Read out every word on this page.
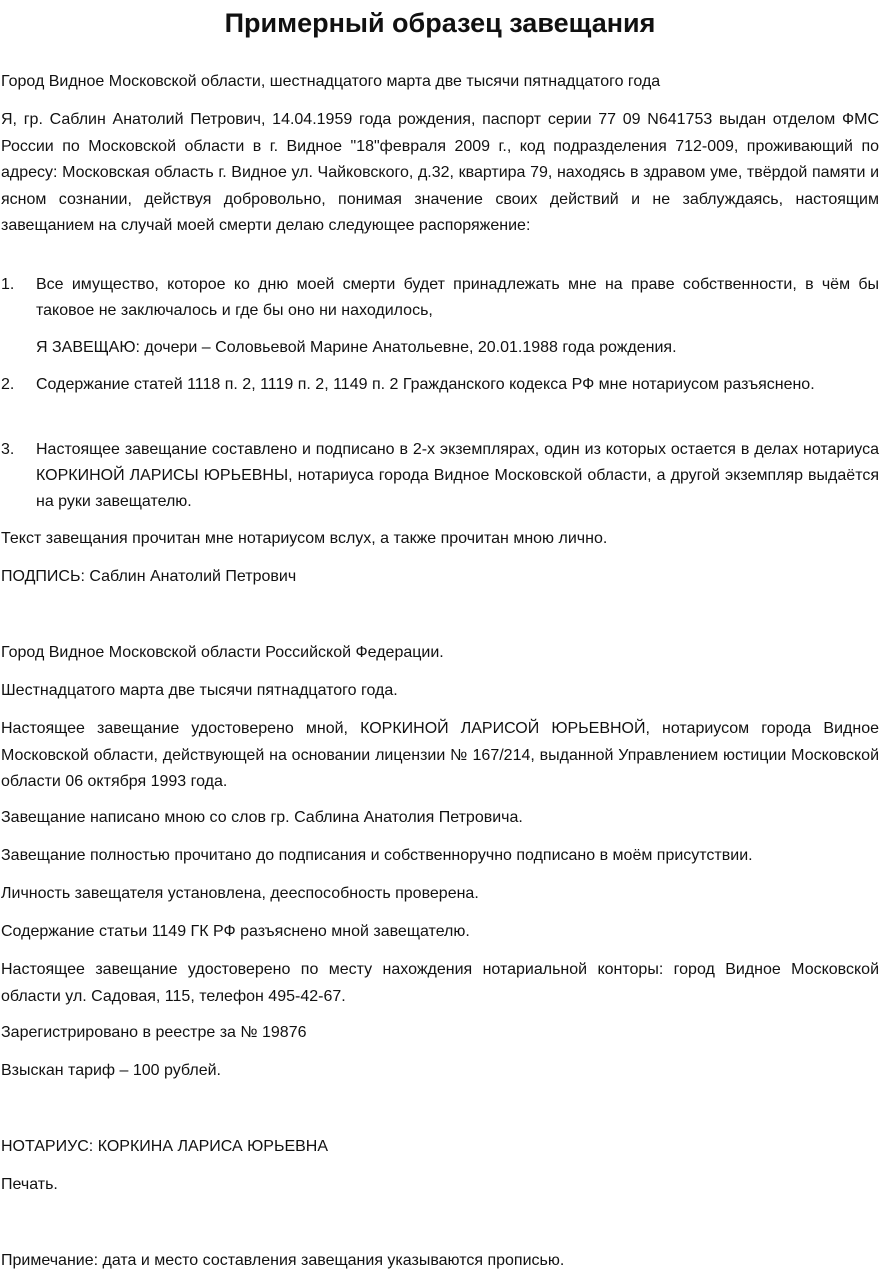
Примерный образец завещания

Город Видное Московской области, шестнадцатого марта две тысячи пятнадцатого года

Я, гр. Саблин Анатолий Петрович, 14.04.1959 года рождения, паспорт серии 77 09 N641753 выдан отделом ФМС России по Московской области в г. Видное "18"февраля 2009 г., код подразделения 712-009, проживающий по адресу: Московская область г. Видное ул. Чайковского, д.32, квартира 79, находясь в здравом уме, твёрдой памяти и ясном сознании, действуя добровольно, понимая значение своих действий и не заблуждаясь, настоящим завещанием на случай моей смерти делаю следующее распоряжение:

1. Все имущество, которое ко дню моей смерти будет принадлежать мне на праве собственности, в чём бы таковое не заключалось и где бы оно ни находилось,
Я ЗАВЕЩАЮ: дочери – Соловьевой Марине Анатольевне, 20.01.1988 года рождения.
2. Содержание статей 1118 п. 2, 1119 п. 2, 1149 п. 2 Гражданского кодекса РФ мне нотариусом разъяснено.
3. Настоящее завещание составлено и подписано в 2-х экземплярах, один из которых остается в делах нотариуса КОРКИНОЙ ЛАРИСЫ ЮРЬЕВНЫ, нотариуса города Видное Московской области, а другой экземпляр выдаётся на руки завещателю.

Текст завещания прочитан мне нотариусом вслух, а также прочитан мною лично.

ПОДПИСЬ: Саблин Анатолий Петрович

Город Видное Московской области Российской Федерации.

Шестнадцатого марта две тысячи пятнадцатого года.

Настоящее завещание удостоверено мной, КОРКИНОЙ ЛАРИСОЙ ЮРЬЕВНОЙ, нотариусом города Видное Московской области, действующей на основании лицензии № 167/214, выданной Управлением юстиции Московской области 06 октября 1993 года.

Завещание написано мною со слов гр. Саблина Анатолия Петровича.

Завещание полностью прочитано до подписания и собственноручно подписано в моём присутствии.

Личность завещателя установлена, дееспособность проверена.

Содержание статьи 1149 ГК РФ разъяснено мной завещателю.

Настоящее завещание удостоверено по месту нахождения нотариальной конторы: город Видное Московской области ул. Садовая, 115, телефон 495-42-67.

Зарегистрировано в реестре за № 19876

Взыскан тариф – 100 рублей.

НОТАРИУС: КОРКИНА ЛАРИСА ЮРЬЕВНА

Печать.

Примечание: дата и место составления завещания указываются прописью.
